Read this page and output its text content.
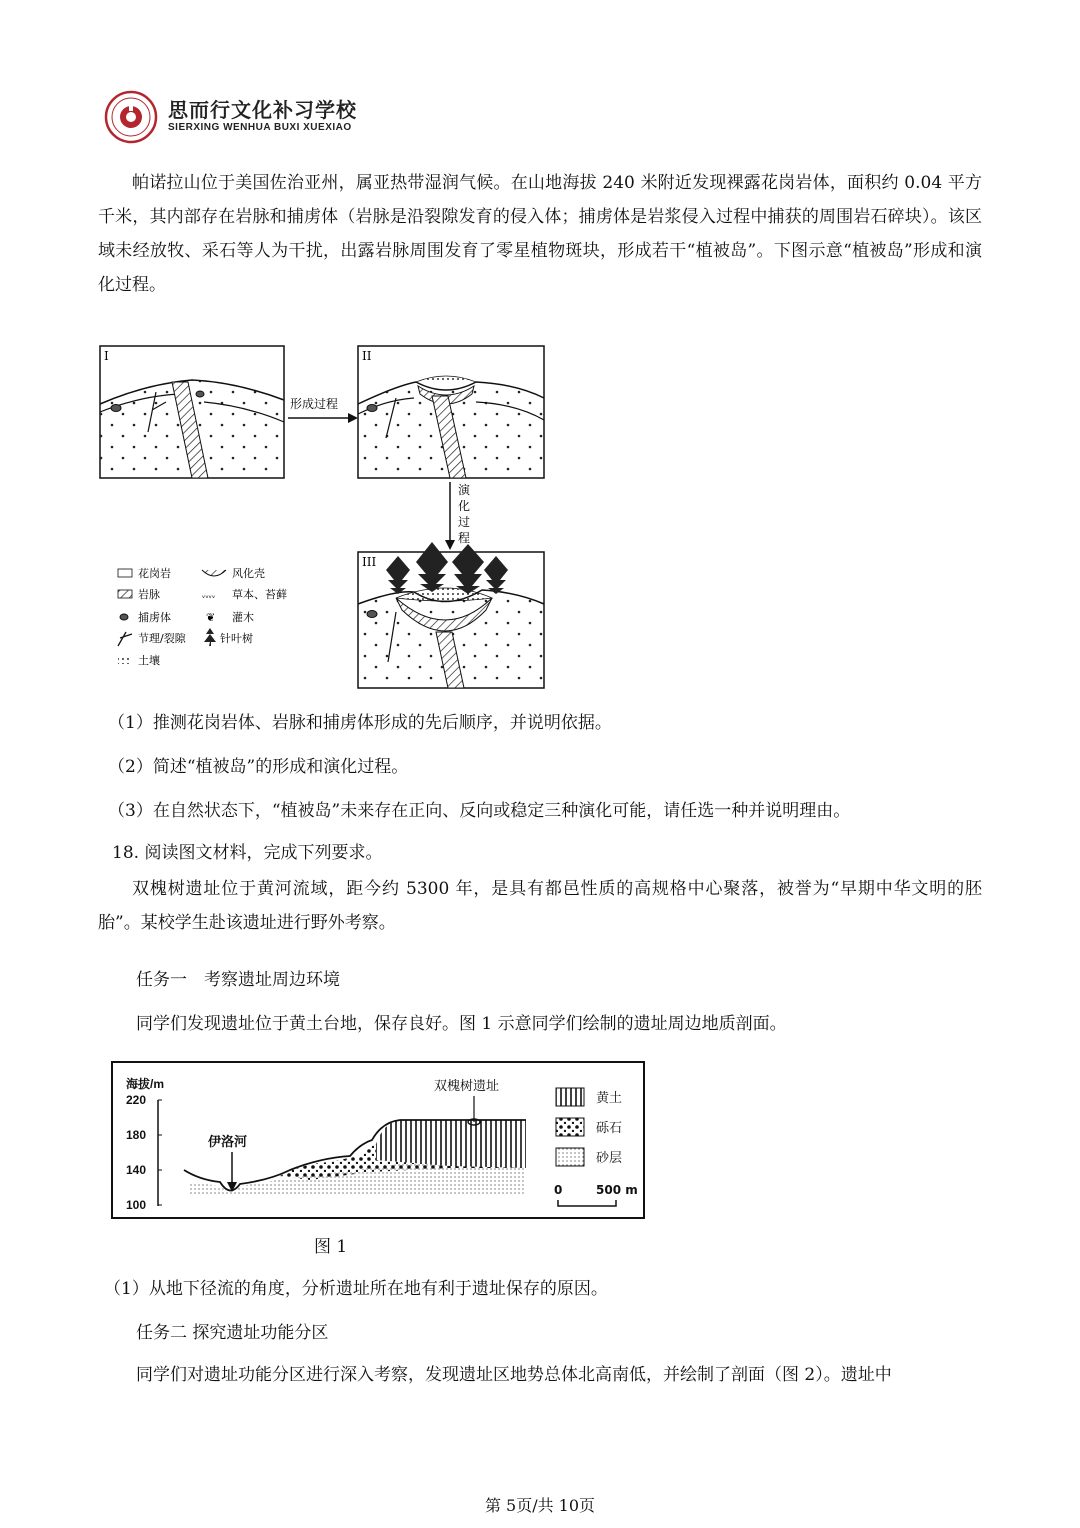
思而行文化补习学校
SIERXING WENHUA BUXI XUEXIAO
帕诺拉山位于美国佐治亚州，属亚热带湿润气候。在山地海拔 240 米附近发现裸露花岗岩体，面积约 0.04 平方千米，其内部存在岩脉和捕虏体（岩脉是沿裂隙发育的侵入体；捕虏体是岩浆侵入过程中捕获的周围岩石碎块）。该区域未经放牧、采石等人为干扰，出露岩脉周围发育了零星植物斑块，形成若干“植被岛”。下图示意“植被岛”形成和演化过程。
I
形成过程
II
演
化
过
程
III
花岗岩	风化壳
岩脉	ᵥᵥᵥᵥ 草本、苔藓
捕虏体	❦ 灌木
节理/裂隙	针叶树
土壤
（1）推测花岗岩体、岩脉和捕虏体形成的先后顺序，并说明依据。
（2）简述“植被岛”的形成和演化过程。
（3）在自然状态下，“植被岛”未来存在正向、反向或稳定三种演化可能，请任选一种并说明理由。
18. 阅读图文材料，完成下列要求。
双槐树遗址位于黄河流域，距今约 5300 年，是具有都邑性质的高规格中心聚落，被誉为“早期中华文明的胚胎”。某校学生赴该遗址进行野外考察。
任务一　考察遗址周边环境
同学们发现遗址位于黄土台地，保存良好。图 1 示意同学们绘制的遗址周边地质剖面。
海拔/m
220
180
140
100
伊洛河
双槐树遗址
黄土
砾石
砂层
0	500 m
图 1
（1）从地下径流的角度，分析遗址所在地有利于遗址保存的原因。
任务二 探究遗址功能分区
同学们对遗址功能分区进行深入考察，发现遗址区地势总体北高南低，并绘制了剖面（图 2）。遗址中
第 5页/共 10页
